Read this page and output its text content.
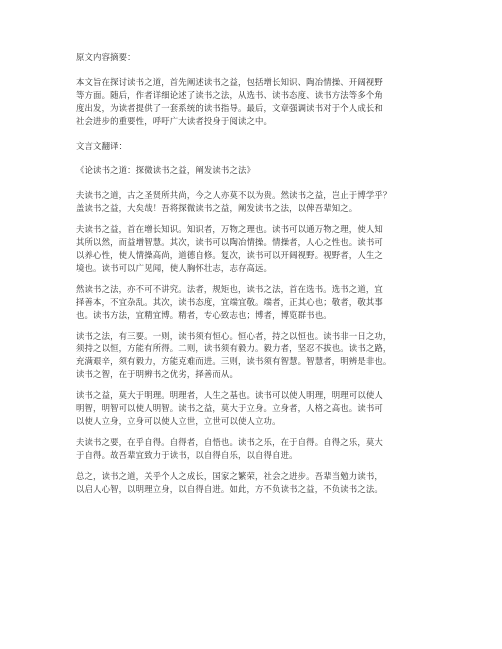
原文内容摘要：
本文旨在探讨读书之道，首先阐述读书之益，包括增长知识、陶冶情操、开阔视野
等方面。随后，作者详细论述了读书之法，从选书、读书态度、读书方法等多个角
度出发，为读者提供了一套系统的读书指导。最后，文章强调读书对于个人成长和
社会进步的重要性，呼吁广大读者投身于阅读之中。
文言文翻译：
《论读书之道：探微读书之益，阐发读书之法》
夫读书之道，古之圣贤所共尚，今之人亦莫不以为贵。然读书之益，岂止于博学乎？
盖读书之益，大矣哉！吾将探微读书之益，阐发读书之法，以俾吾辈知之。
夫读书之益，首在增长知识。知识者，万物之理也。读书可以通万物之理，使人知
其所以然，而益增智慧。其次，读书可以陶冶情操。情操者，人心之性也。读书可
以养心性，使人情操高尚，道德自修。复次，读书可以开阔视野。视野者，人生之
境也。读书可以广见闻，使人胸怀壮志，志存高远。
然读书之法，亦不可不讲究。法者，规矩也，读书之法，首在选书。选书之道，宜
择善本，不宜杂乱。其次，读书态度，宜端宜敬。端者，正其心也；敬者，敬其事
也。读书方法，宜精宜博。精者，专心致志也；博者，博览群书也。
读书之法，有三要。一则，读书须有恒心。恒心者，持之以恒也。读书非一日之功，
须持之以恒，方能有所得。二则，读书须有毅力。毅力者，坚忍不拔也。读书之路，
充满艰辛，须有毅力，方能克难而进。三则，读书须有智慧。智慧者，明辨是非也。
读书之智，在于明辨书之优劣，择善而从。
读书之益，莫大于明理。明理者，人生之基也。读书可以使人明理，明理可以使人
明智，明智可以使人明智。读书之益，莫大于立身。立身者，人格之高也。读书可
以使人立身，立身可以使人立世，立世可以使人立功。
夫读书之要，在乎自得。自得者，自悟也。读书之乐，在于自得。自得之乐，莫大
于自得。故吾辈宜致力于读书，以自得自乐，以自得自进。
总之，读书之道，关乎个人之成长，国家之繁荣，社会之进步。吾辈当勉力读书，
以启人心智，以明理立身，以自得自进。如此，方不负读书之益，不负读书之法。
